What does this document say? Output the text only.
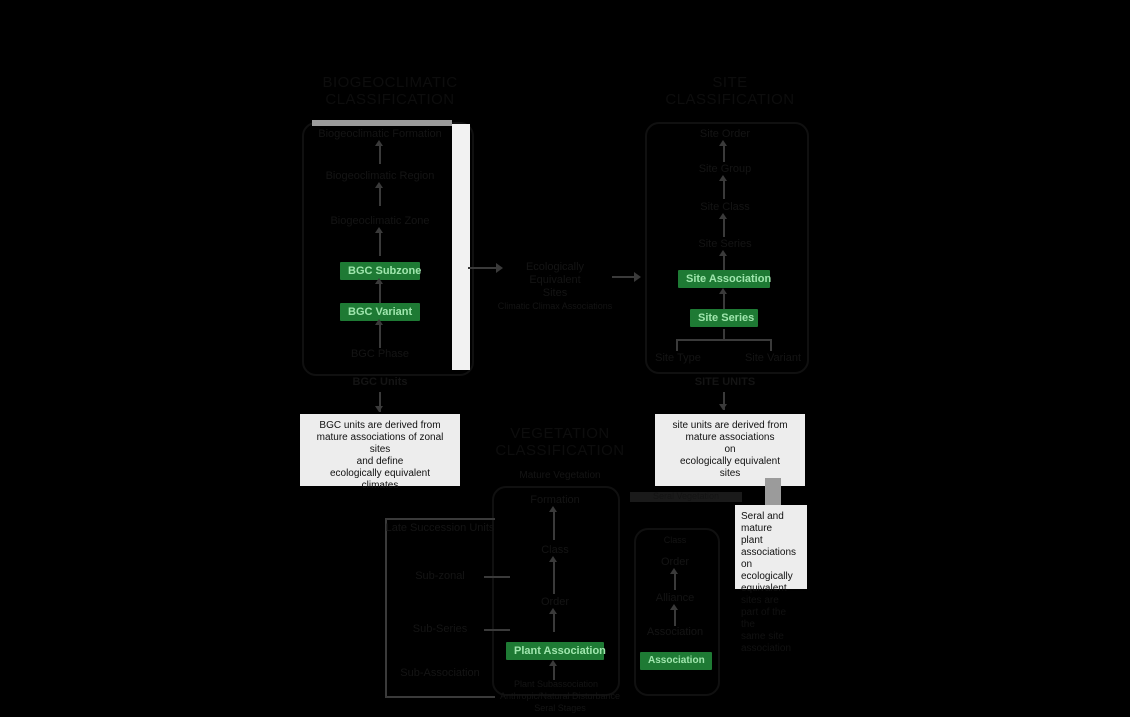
BIOGEOCLIMATIC
CLASSIFICATION
Biogeoclimatic Formation
Biogeoclimatic Region
Biogeoclimatic Zone
BGC Subzone
BGC Variant
BGC Phase
BGC Units
BGC units are derived from
mature associations of zonal sites
and define
ecologically equivalent
climates
SITE
CLASSIFICATION
Site Order
Site Group
Site Class
Site Series
Site Association
Site Series
Site Type	Site Variant
SITE UNITS
site units are derived from
mature associations
on
ecologically equivalent
sites
Ecologically
Equivalent
Sites
Climatic Climax Associations
VEGETATION
CLASSIFICATION
Mature Vegetation
Formation
Class
Order
Plant Association
Plant Subassociation
Late Succession Units

Sub-zonal
Sub-Series
Sub-Association
Seral Vegetation
Class
Order
Alliance
Association
Association
Seral and mature
plant associations
on ecologically
equivalent sites are
part of the the
same site
association
Anthropic/Natural Disturbance
Seral Stages
